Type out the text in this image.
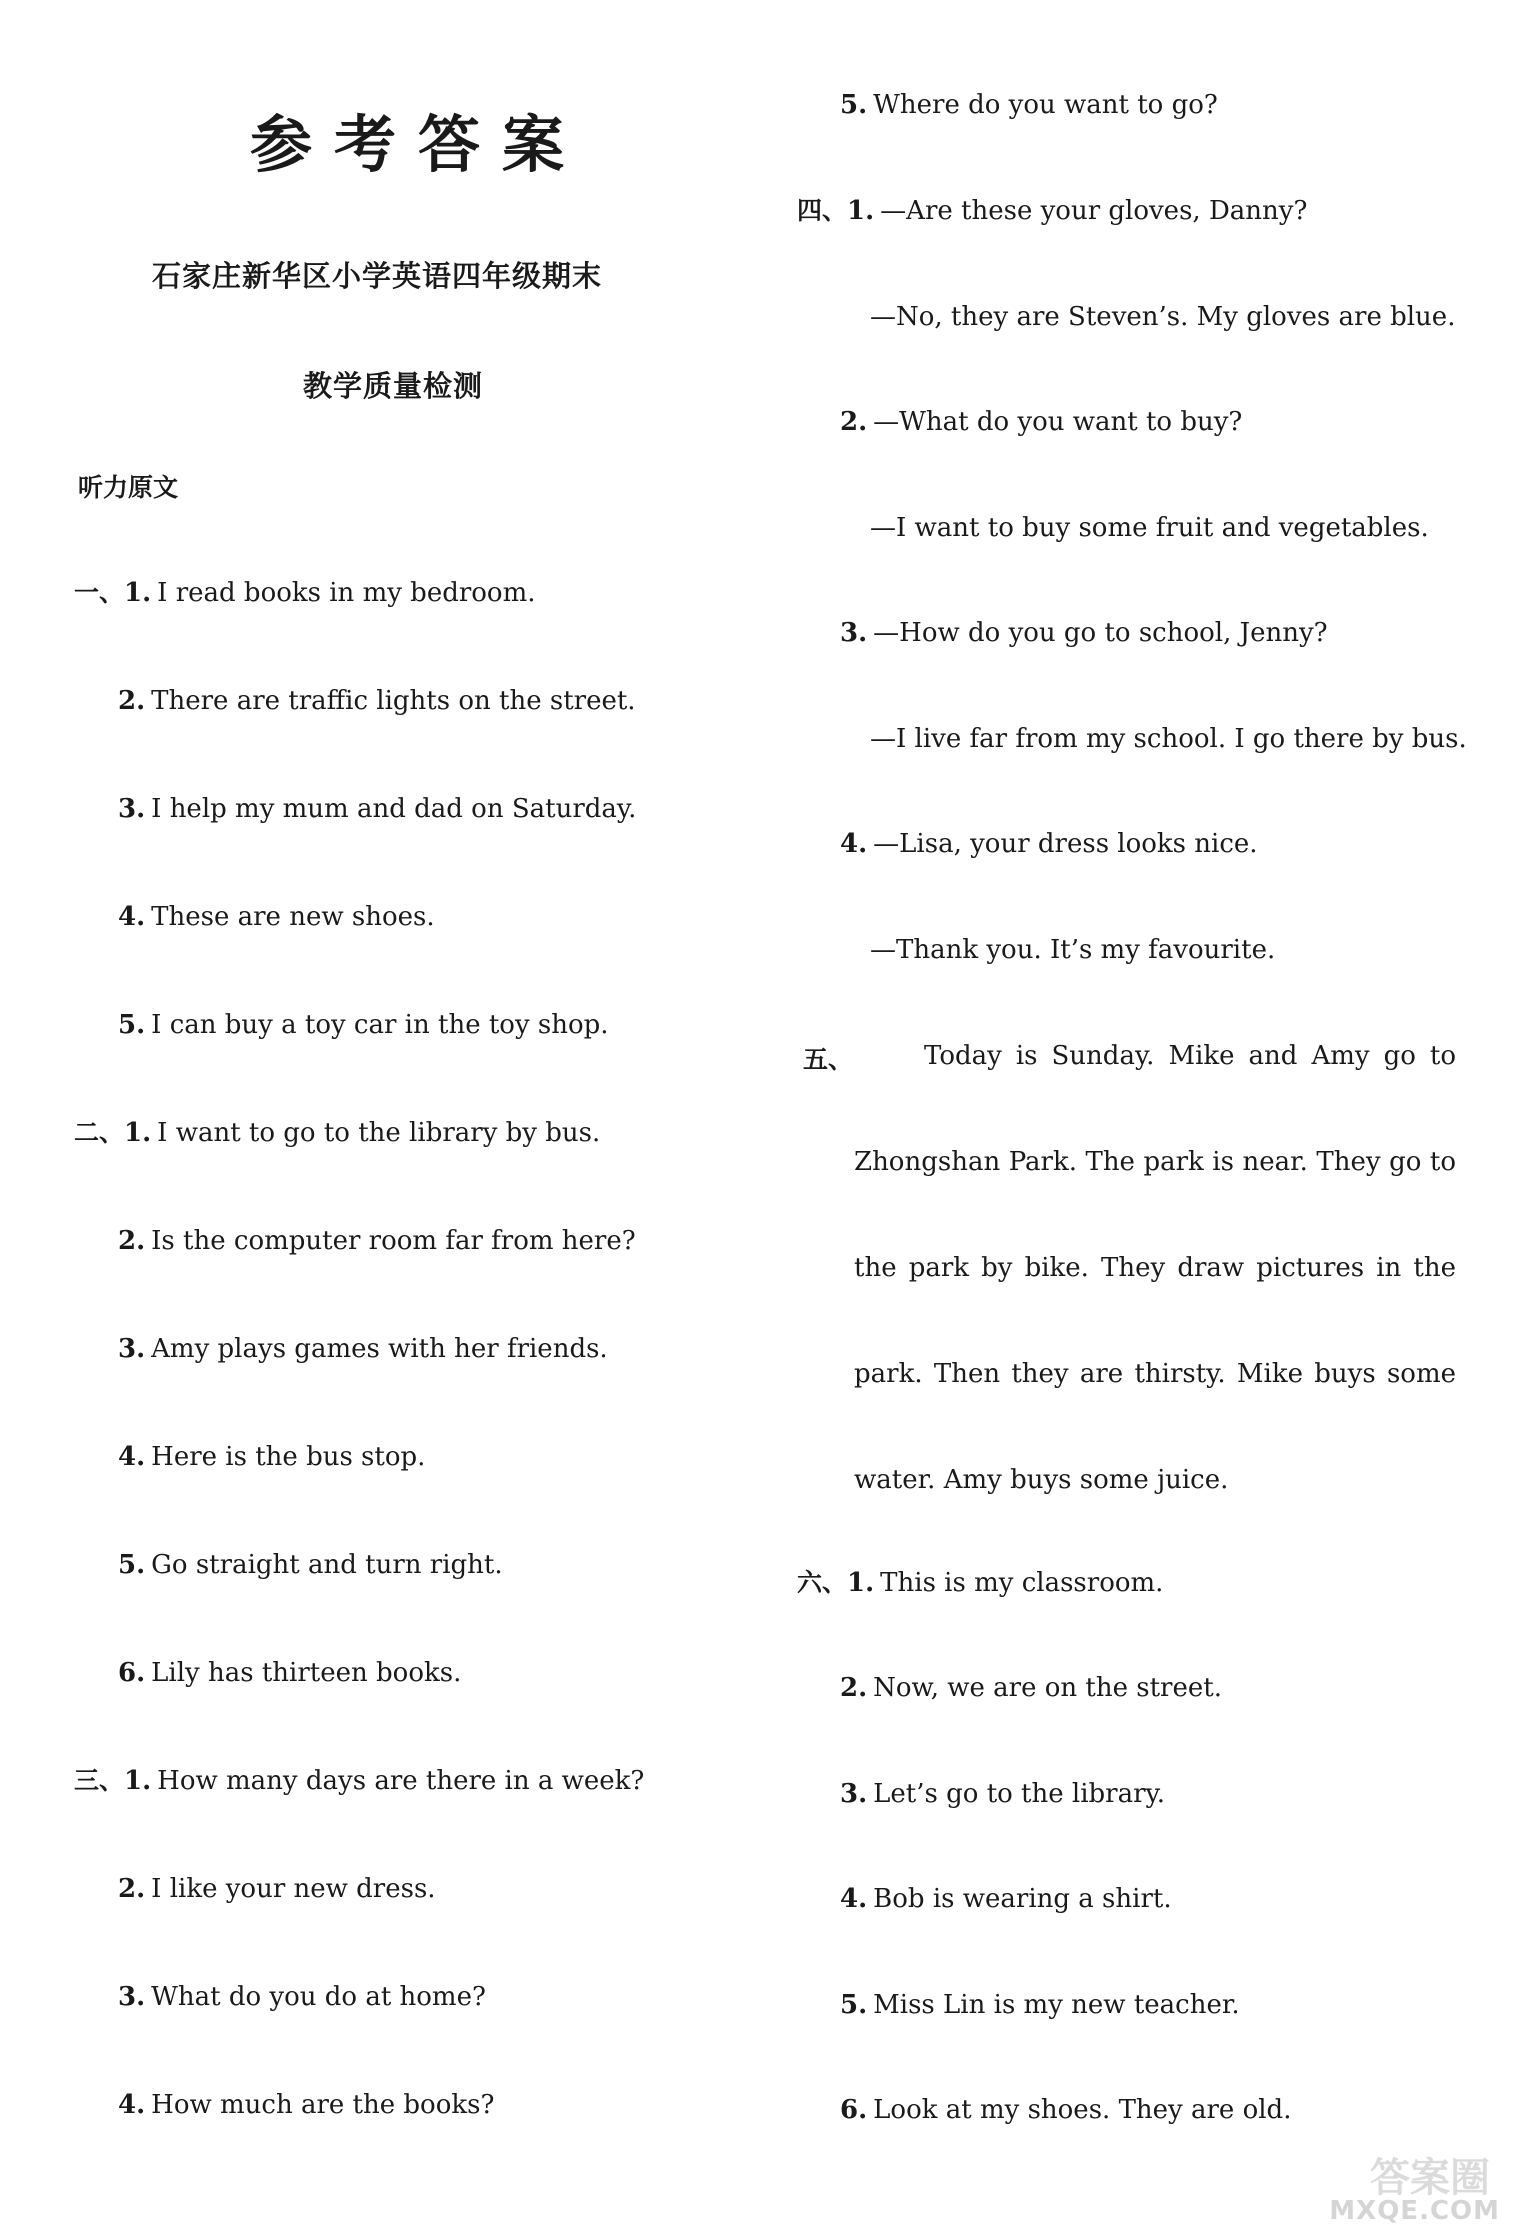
参考答案
石家庄新华区小学英语四年级期末
教学质量检测
听力原文
一、1. I read books in my bedroom.
2. There are traffic lights on the street.
3. I help my mum and dad on Saturday.
4. These are new shoes.
5. I can buy a toy car in the toy shop.
二、1. I want to go to the library by bus.
2. Is the computer room far from here?
3. Amy plays games with her friends.
4. Here is the bus stop.
5. Go straight and turn right.
6. Lily has thirteen books.
三、1. How many days are there in a week?
2. I like your new dress.
3. What do you do at home?
4. How much are the books?
5. Where do you want to go?
四、1. —Are these your gloves, Danny?
—No, they are Steven’s. My gloves are blue.
2. —What do you want to buy?
—I want to buy some fruit and vegetables.
3. —How do you go to school, Jenny?
—I live far from my school. I go there by bus.
4. —Lisa, your dress looks nice.
—Thank you. It’s my favourite.
五、	Today is Sunday. Mike and Amy go to Zhongshan Park. The park is near. They go to the park by bike. They draw pictures in the park. Then they are thirsty. Mike buys some water. Amy buys some juice.
六、1. This is my classroom.
2. Now, we are on the street.
3. Let’s go to the library.
4. Bob is wearing a shirt.
5. Miss Lin is my new teacher.
6. Look at my shoes. They are old.
答案圈
MXQE.COM
